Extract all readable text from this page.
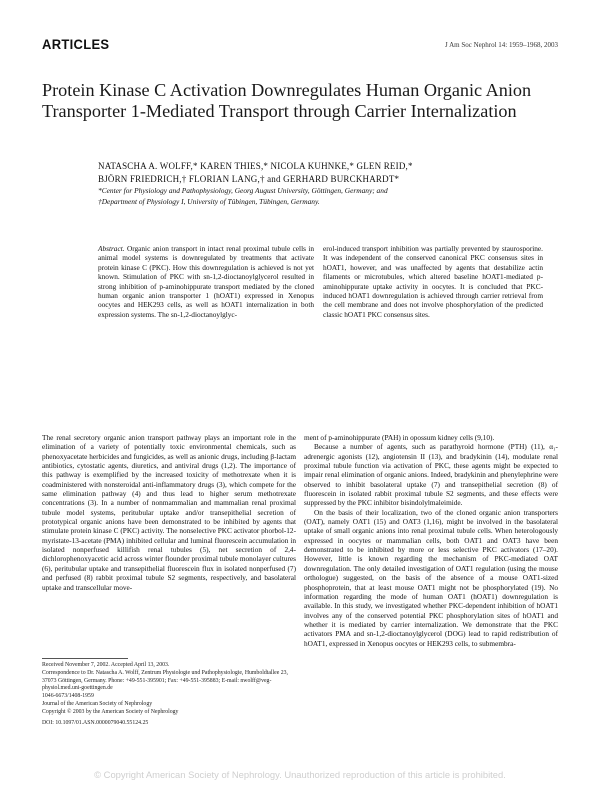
ARTICLES	J Am Soc Nephrol 14: 1959–1968, 2003
Protein Kinase C Activation Downregulates Human Organic Anion Transporter 1-Mediated Transport through Carrier Internalization
NATASCHA A. WOLFF,* KAREN THIES,* NICOLA KUHNKE,* GLEN REID,*
BJÖRN FRIEDRICH,† FLORIAN LANG,† and GERHARD BURCKHARDT*
*Center for Physiology and Pathophysiology, Georg August University, Göttingen, Germany; and
†Department of Physiology I, University of Tübingen, Tübingen, Germany.

Abstract. Organic anion transport in intact renal proximal tubule cells in animal model systems is downregulated by treatments that activate protein kinase C (PKC). How this downregulation is achieved is not yet known. Stimulation of PKC with sn-1,2-dioctanoylglycerol resulted in strong inhibition of p-aminohippurate transport mediated by the cloned human organic anion transporter 1 (hOAT1) expressed in Xenopus oocytes and HEK293 cells, as well as hOAT1 internalization in both expression systems. The sn-1,2-dioctanoylglyc-

erol-induced transport inhibition was partially prevented by staurosporine. It was independent of the conserved canonical PKC consensus sites in hOAT1, however, and was unaffected by agents that destabilize actin filaments or microtubules, which altered baseline hOAT1-mediated p-aminohippurate uptake activity in oocytes. It is concluded that PKC-induced hOAT1 downregulation is achieved through carrier retrieval from the cell membrane and does not involve phosphorylation of the predicted classic hOAT1 PKC consensus sites.

The renal secretory organic anion transport pathway plays an important role in the elimination of a variety of potentially toxic environmental chemicals, such as phenoxyacetate herbicides and fungicides, as well as anionic drugs, including β-lactam antibiotics, cytostatic agents, diuretics, and antiviral drugs (1,2). The importance of this pathway is exemplified by the increased toxicity of methotrexate when it is coadministered with nonsteroidal anti-inflammatory drugs (3), which compete for the same elimination pathway (4) and thus lead to higher serum methotrexate concentrations (3). In a number of nonmammalian and mammalian renal proximal tubule model systems, peritubular uptake and/or transepithelial secretion of prototypical organic anions have been demonstrated to be inhibited by agents that stimulate protein kinase C (PKC) activity. The nonselective PKC activator phorbol-12-myristate-13-acetate (PMA) inhibited cellular and luminal fluorescein accumulation in isolated nonperfused killifish renal tubules (5), net secretion of 2,4-dichlorophenoxyacetic acid across winter flounder proximal tubule monolayer cultures (6), peritubular uptake and transepithelial fluorescein flux in isolated nonperfused (7) and perfused (8) rabbit proximal tubule S2 segments, respectively, and basolateral uptake and transcellular move-

ment of p-aminohippurate (PAH) in opossum kidney cells (9,10).

Because a number of agents, such as parathyroid hormone (PTH) (11), α₁-adrenergic agonists (12), angiotensin II (13), and bradykinin (14), modulate renal proximal tubule function via activation of PKC, these agents might be expected to impair renal elimination of organic anions. Indeed, bradykinin and phenylephrine were observed to inhibit basolateral uptake (7) and transepithelial secretion (8) of fluorescein in isolated rabbit proximal tubule S2 segments, and these effects were suppressed by the PKC inhibitor bisindolylmaleimide.

On the basis of their localization, two of the cloned organic anion transporters (OAT), namely OAT1 (15) and OAT3 (1,16), might be involved in the basolateral uptake of small organic anions into renal proximal tubule cells. When heterologously expressed in oocytes or mammalian cells, both OAT1 and OAT3 have been demonstrated to be inhibited by more or less selective PKC activators (17–20). However, little is known regarding the mechanism of PKC-mediated OAT downregulation. The only detailed investigation of OAT1 regulation (using the mouse orthologue) suggested, on the basis of the absence of a mouse OAT1-sized phosphoprotein, that at least mouse OAT1 might not be phosphorylated (19). No information regarding the mode of human OAT1 (hOAT1) downregulation is available. In this study, we investigated whether PKC-dependent inhibition of hOAT1 involves any of the conserved potential PKC phosphorylation sites of hOAT1 and whether it is mediated by carrier internalization. We demonstrate that the PKC activators PMA and sn-1,2-dioctanoylglycerol (DOG) lead to rapid redistribution of hOAT1, expressed in Xenopus oocytes or HEK293 cells, to submembra-

Received November 7, 2002. Accepted April 13, 2003.

Correspondence to Dr. Natascha A. Wolff, Zentrum Physiologie und Pathophysiologie, Humboldtallee 23, 37073 Göttingen, Germany. Phone: +49-551-395901; Fax: +49-551-395883; E-mail: nwolff@veg-physiol.med.uni-goettingen.de

1046-6673/1408-1959

Journal of the American Society of Nephrology

Copyright © 2003 by the American Society of Nephrology

DOI: 10.1097/01.ASN.0000079040.55124.25

© Copyright American Society of Nephrology. Unauthorized reproduction of this article is prohibited.
